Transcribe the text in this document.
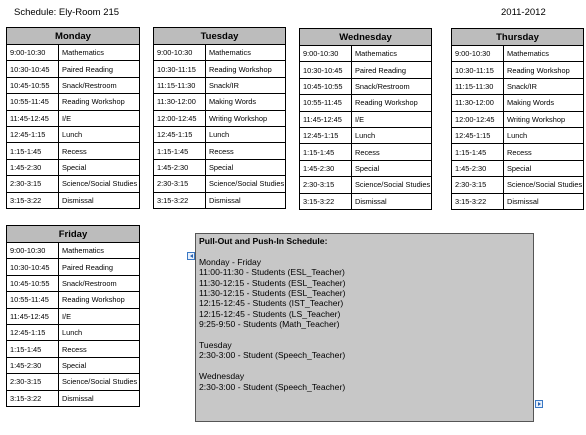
Schedule: Ely-Room 215	2011-2012
Monday	
9:00-10:30	Mathematics
10:30-10:45	Paired Reading
10:45-10:55	Snack/Restroom
10:55-11:45	Reading Workshop
11:45-12:45	I/E
12:45-1:15	Lunch
1:15-1:45	Recess
1:45-2:30	Special
2:30-3:15	Science/Social Studies
3:15-3:22	Dismissal
Tuesday	
9:00-10:30	Mathematics
10:30-11:15	Reading Workshop
11:15-11:30	Snack/IR
11:30-12:00	Making Words
12:00-12:45	Writing Workshop
12:45-1:15	Lunch
1:15-1:45	Recess
1:45-2:30	Special
2:30-3:15	Science/Social Studies
3:15-3:22	Dismissal
Wednesday	
9:00-10:30	Mathematics
10:30-10:45	Paired Reading
10:45-10:55	Snack/Restroom
10:55-11:45	Reading Workshop
11:45-12:45	I/E
12:45-1:15	Lunch
1:15-1:45	Recess
1:45-2:30	Special
2:30-3:15	Science/Social Studies
3:15-3:22	Dismissal
Thursday	
9:00-10:30	Mathematics
10:30-11:15	Reading Workshop
11:15-11:30	Snack/IR
11:30-12:00	Making Words
12:00-12:45	Writing Workshop
12:45-1:15	Lunch
1:15-1:45	Recess
1:45-2:30	Special
2:30-3:15	Science/Social Studies
3:15-3:22	Dismissal
Friday	
9:00-10:30	Mathematics
10:30-10:45	Paired Reading
10:45-10:55	Snack/Restroom
10:55-11:45	Reading Workshop
11:45-12:45	I/E
12:45-1:15	Lunch
1:15-1:45	Recess
1:45-2:30	Special
2:30-3:15	Science/Social Studies
3:15-3:22	Dismissal
Pull-Out and Push-In Schedule:
Monday - Friday
11:00-11:30 - Students (ESL_Teacher)
11:30-12:15 - Students (ESL_Teacher)
11:30-12:15 - Students (ESL_Teacher)
12:15-12:45 - Students (IST_Teacher)
12:15-12:45 - Students (LS_Teacher)
9:25-9:50 - Students (Math_Teacher)
Tuesday
2:30-3:00 - Student (Speech_Teacher)
Wednesday
2:30-3:00 - Student (Speech_Teacher)
